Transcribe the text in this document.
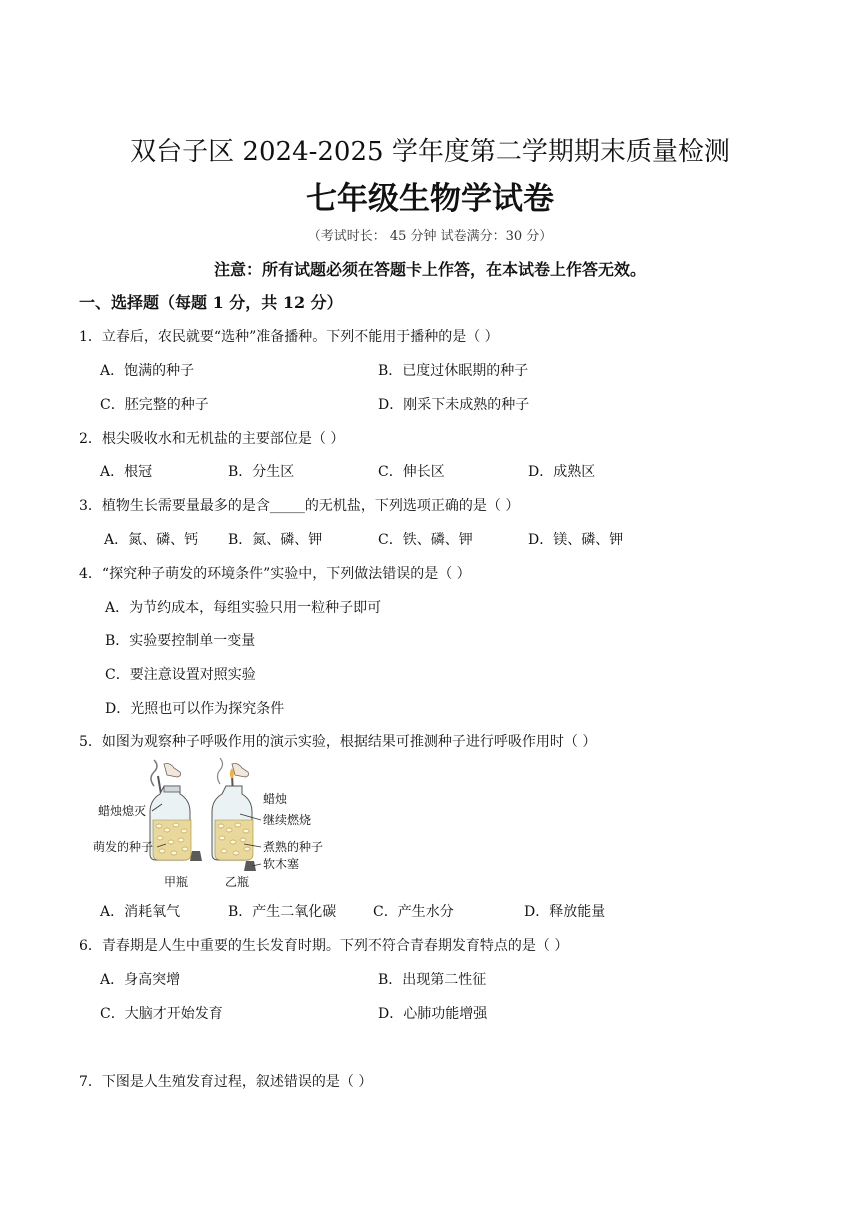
双台子区 2024-2025 学年度第二学期期末质量检测
七年级生物学试卷
（考试时长： 45 分钟 试卷满分：30 分）
注意：所有试题必须在答题卡上作答，在本试卷上作答无效。
一、选择题（每题 1 分，共 12 分）
1．立春后，农民就要“选种”准备播种。下列不能用于播种的是（ ）
A．饱满的种子	B．已度过休眠期的种子
C．胚完整的种子	D．刚采下未成熟的种子
2．根尖吸收水和无机盐的主要部位是（ ）
A．根冠	B．分生区	C．伸长区	D．成熟区
3．植物生长需要量最多的是含_____的无机盐，下列选项正确的是（ ）
A．氮、磷、钙 B．氮、磷、钾	C．铁、磷、钾	D．镁、磷、钾
4．“探究种子萌发的环境条件”实验中，下列做法错误的是（ ）
A．为节约成本，每组实验只用一粒种子即可
B．实验要控制单一变量
C．要注意设置对照实验
D．光照也可以作为探究条件
5．如图为观察种子呼吸作用的演示实验，根据结果可推测种子进行呼吸作用时（ ）
蜡烛熄灭
萌发的种子
甲瓶
蜡烛
继续燃烧
煮熟的种子
软木塞
乙瓶
A．消耗氧气	B．产生二氧化碳	C．产生水分	D．释放能量
6．青春期是人生中重要的生长发育时期。下列不符合青春期发育特点的是（ ）
A．身高突增	B．出现第二性征
C．大脑才开始发育	D．心肺功能增强
7．下图是人生殖发育过程，叙述错误的是（ ）
